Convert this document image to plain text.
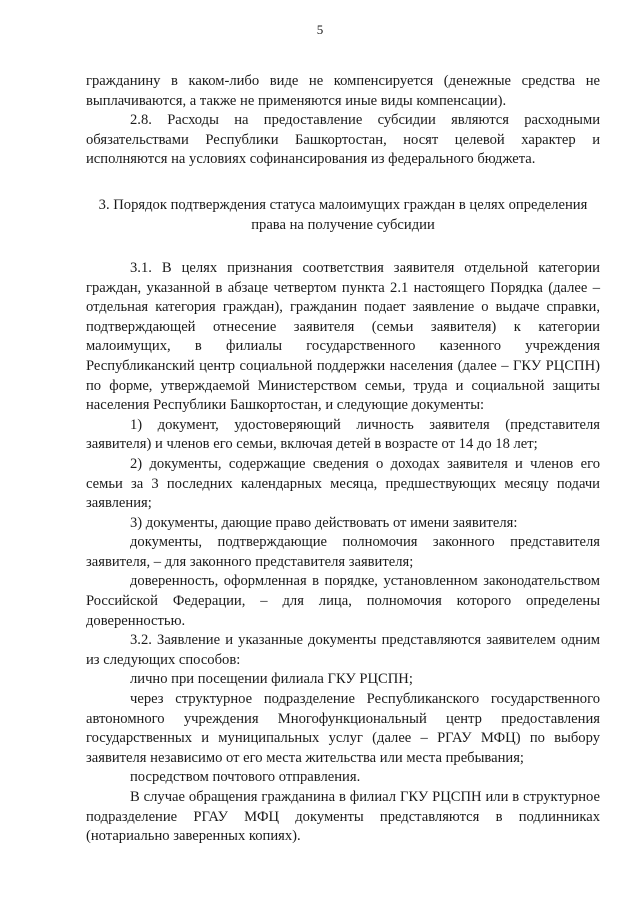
5

гражданину в каком-либо виде не компенсируется (денежные средства не выплачиваются, а также не применяются иные виды компенсации).

2.8. Расходы на предоставление субсидии являются расходными обязательствами Республики Башкортостан, носят целевой характер и исполняются на условиях софинансирования из федерального бюджета.

3. Порядок подтверждения статуса малоимущих граждан в целях определения права на получение субсидии

3.1. В целях признания соответствия заявителя отдельной категории граждан, указанной в абзаце четвертом пункта 2.1 настоящего Порядка (далее – отдельная категория граждан), гражданин подает заявление о выдаче справки, подтверждающей отнесение заявителя (семьи заявителя) к категории малоимущих, в филиалы государственного казенного учреждения Республиканский центр социальной поддержки населения (далее – ГКУ РЦСПН) по форме, утверждаемой Министерством семьи, труда и социальной защиты населения Республики Башкортостан, и следующие документы:

1) документ, удостоверяющий личность заявителя (представителя заявителя) и членов его семьи, включая детей в возрасте от 14 до 18 лет;

2) документы, содержащие сведения о доходах заявителя и членов его семьи за 3 последних календарных месяца, предшествующих месяцу подачи заявления;

3) документы, дающие право действовать от имени заявителя:

документы, подтверждающие полномочия законного представителя заявителя, – для законного представителя заявителя;

доверенность, оформленная в порядке, установленном законодательством Российской Федерации, – для лица, полномочия которого определены доверенностью.

3.2. Заявление и указанные документы представляются заявителем одним из следующих способов:

лично при посещении филиала ГКУ РЦСПН;

через структурное подразделение Республиканского государственного автономного учреждения Многофункциональный центр предоставления государственных и муниципальных услуг (далее – РГАУ МФЦ) по выбору заявителя независимо от его места жительства или места пребывания;

посредством почтового отправления.

В случае обращения гражданина в филиал ГКУ РЦСПН или в структурное подразделение РГАУ МФЦ документы представляются в подлинниках (нотариально заверенных копиях).
